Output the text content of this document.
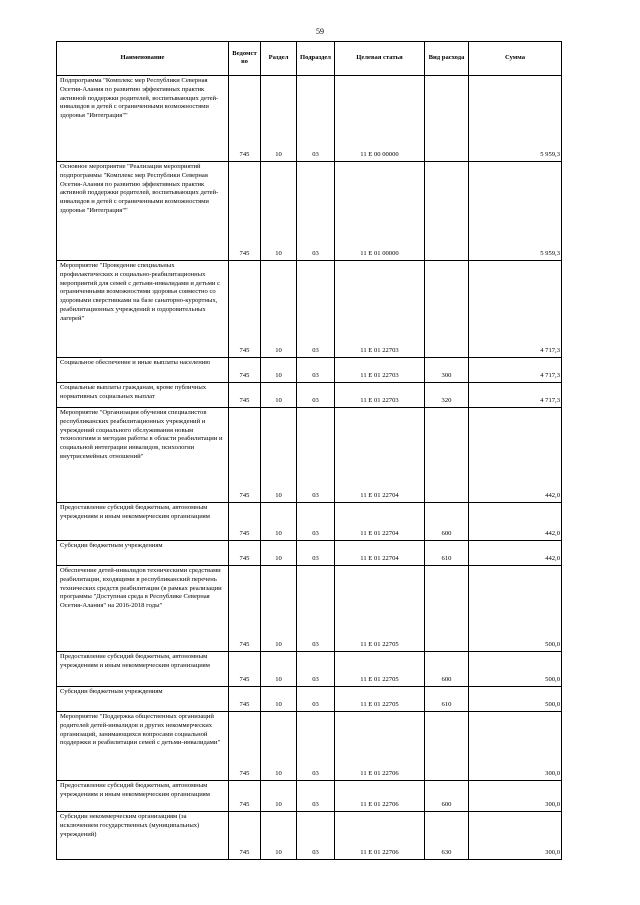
59
Наименование	Ведомство	Раздел	Подраздел	Целевая статья	Вид расхода	Сумма
Подпрограмма "Комплекс мер Республики Северная Осетия-Алания по развитию эффективных практик активной поддержки родителей, воспитывающих детей-инвалидов и детей с ограниченными возможностями здоровья "Интеграция""	745	10	03	11 Е 00 00000		5 959,3
Основное мероприятие "Реализация мероприятий подпрограммы "Комплекс мер Республики Северная Осетия-Алания по развитию эффективных практик активной поддержки родителей, воспитывающих детей-инвалидов и детей с ограниченными возможностями здоровья "Интеграция""	745	10	03	11 Е 01 00000		5 959,3
Мероприятие "Проведение специальных профилактических и социально-реабилитационных мероприятий для семей с детьми-инвалидами и детьми с ограниченными возможностями здоровья совместно со здоровыми сверстниками на базе санаторно-курортных, реабилитационных учреждений и оздоровительных лагерей"	745	10	03	11 Е 01 22703		4 717,3
Социальное обеспечение и иные выплаты населению	745	10	03	11 Е 01 22703	300	4 717,3
Социальные выплаты гражданам, кроме публичных нормативных социальных выплат	745	10	03	11 Е 01 22703	320	4 717,3
Мероприятие "Организация обучения специалистов республиканских реабилитационных учреждений и учреждений социального обслуживания новым технологиям и методам работы в области реабилитации и социальной интеграции инвалидов, психологии внутрисемейных отношений"	745	10	03	11 Е 01 22704		442,0
Предоставление субсидий бюджетным, автономным учреждениям и иным некоммерческим организациям	745	10	03	11 Е 01 22704	600	442,0
Субсидии бюджетным учреждениям	745	10	03	11 Е 01 22704	610	442,0
Обеспечение детей-инвалидов техническими средствами реабилитации, входящими в республиканский перечень технических средств реабилитации (в рамках реализации программы "Доступная среда в Республике Северная Осетия-Алания" на 2016-2018 годы"	745	10	03	11 Е 01 22705		500,0
Предоставление субсидий бюджетным, автономным учреждениям и иным некоммерческим организациям	745	10	03	11 Е 01 22705	600	500,0
Субсидии бюджетным учреждениям	745	10	03	11 Е 01 22705	610	500,0
Мероприятие "Поддержка общественных организаций родителей детей-инвалидов и других некоммерческих организаций, занимающихся вопросами социальной поддержки и реабилитации семей с детьми-инвалидами"	745	10	03	11 Е 01 22706		300,0
Предоставление субсидий бюджетным, автономным учреждениям и иным некоммерческим организациям	745	10	03	11 Е 01 22706	600	300,0
Субсидии некоммерческим организациям (за исключением государственных (муниципальных) учреждений)	745	10	03	11 Е 01 22706	630	300,0
